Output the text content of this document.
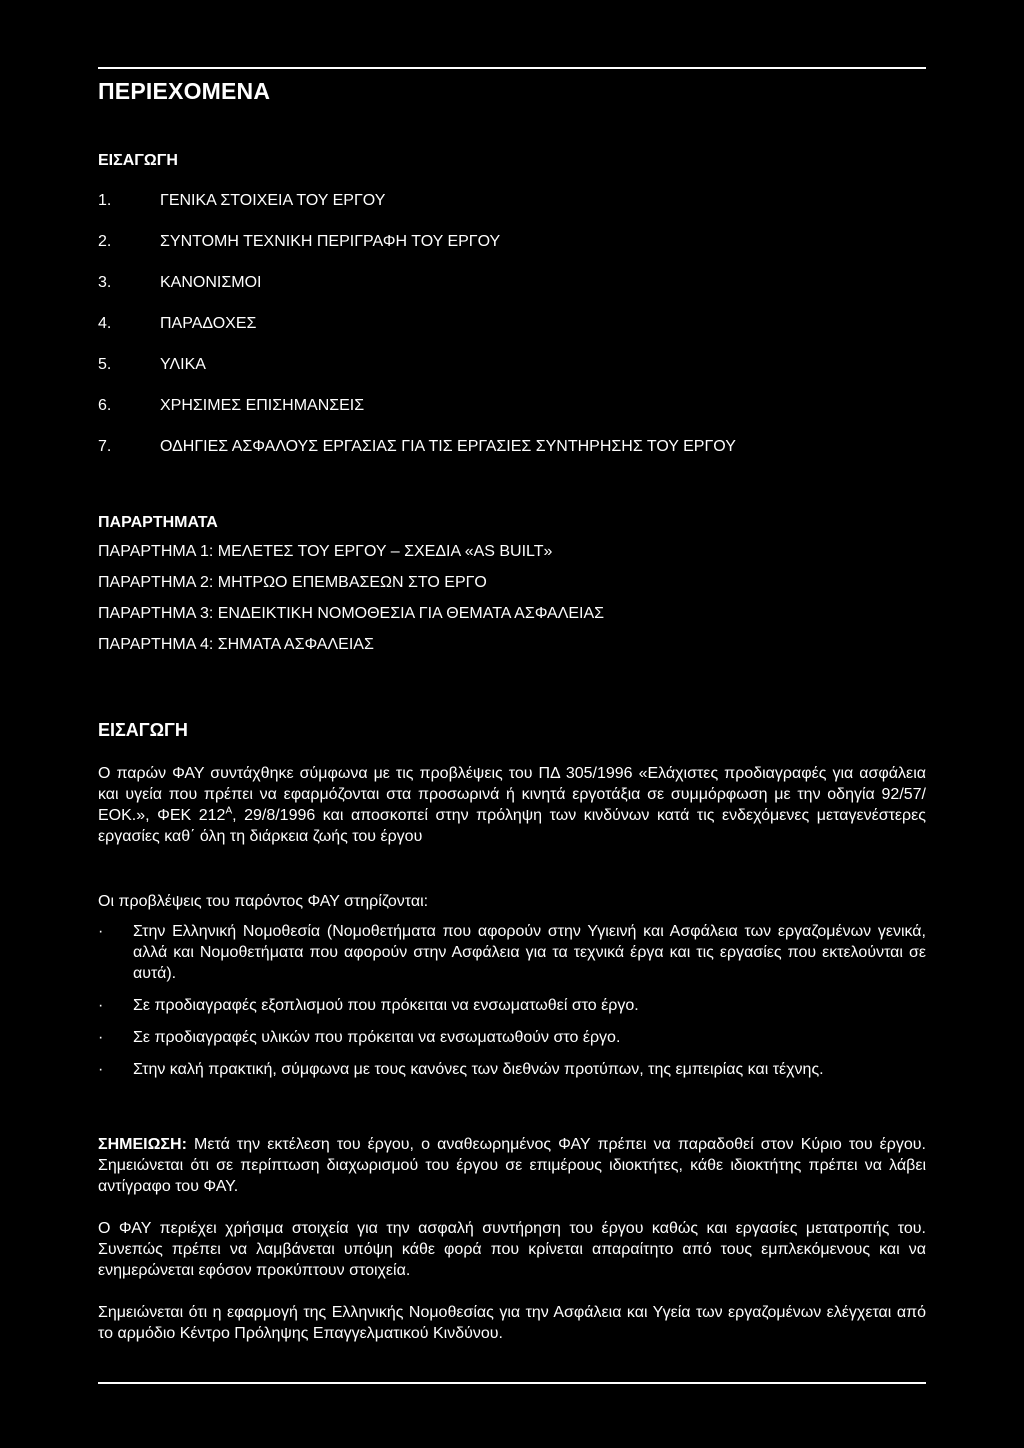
ΠΕΡΙΕΧΟΜΕΝΑ
ΕΙΣΑΓΩΓΗ
1.	ΓΕΝΙΚΑ ΣΤΟΙΧΕΙΑ ΤΟΥ ΕΡΓΟΥ
2.	ΣΥΝΤΟΜΗ ΤΕΧΝΙΚΗ ΠΕΡΙΓΡΑΦΗ ΤΟΥ ΕΡΓΟΥ
3.	ΚΑΝΟΝΙΣΜΟΙ
4.	ΠΑΡΑΔΟΧΕΣ
5.	ΥΛΙΚΑ
6.	ΧΡΗΣΙΜΕΣ ΕΠΙΣΗΜΑΝΣΕΙΣ
7.	ΟΔΗΓΙΕΣ ΑΣΦΑΛΟΥΣ ΕΡΓΑΣΙΑΣ ΓΙΑ ΤΙΣ ΕΡΓΑΣΙΕΣ ΣΥΝΤΗΡΗΣΗΣ ΤΟΥ ΕΡΓΟΥ
ΠΑΡΑΡΤΗΜΑΤΑ
ΠΑΡΑΡΤΗΜΑ 1: ΜΕΛΕΤΕΣ ΤΟΥ ΕΡΓΟΥ – ΣΧΕΔΙΑ «AS BUILT»
ΠΑΡΑΡΤΗΜΑ 2: ΜΗΤΡΩΟ ΕΠΕΜΒΑΣΕΩΝ ΣΤΟ ΕΡΓΟ
ΠΑΡΑΡΤΗΜΑ 3: ΕΝΔΕΙΚΤΙΚΗ ΝΟΜΟΘΕΣΙΑ ΓΙΑ ΘΕΜΑΤΑ ΑΣΦΑΛΕΙΑΣ
ΠΑΡΑΡΤΗΜΑ 4: ΣΗΜΑΤΑ ΑΣΦΑΛΕΙΑΣ
ΕΙΣΑΓΩΓΗ
Ο παρών ΦΑΥ συντάχθηκε σύμφωνα με τις προβλέψεις του ΠΔ 305/1996 «Ελάχιστες προδιαγραφές για ασφάλεια και υγεία που πρέπει να εφαρμόζονται στα προσωρινά ή κινητά εργοτάξια σε συμμόρφωση με την οδηγία 92/57/ΕΟΚ.», ΦΕΚ $212^A$, 29/8/1996 και αποσκοπεί στην πρόληψη των κινδύνων κατά τις ενδεχόμενες μεταγενέστερες εργασίες καθ΄ όλη τη διάρκεια ζωής του έργου
Οι προβλέψεις του παρόντος ΦΑΥ στηρίζονται:
· Στην Ελληνική Νομοθεσία (Νομοθετήματα που αφορούν στην Υγιεινή και Ασφάλεια των εργαζομένων γενικά, αλλά και Νομοθετήματα που αφορούν στην Ασφάλεια για τα τεχνικά έργα και τις εργασίες που εκτελούνται σε αυτά).
· Σε προδιαγραφές εξοπλισμού που πρόκειται να ενσωματωθεί στο έργο.
· Σε προδιαγραφές υλικών που πρόκειται να ενσωματωθούν στο έργο.
· Στην καλή πρακτική, σύμφωνα με τους κανόνες των διεθνών προτύπων, της εμπειρίας και τέχνης.
ΣΗΜΕΙΩΣΗ: Μετά την εκτέλεση του έργου, ο αναθεωρημένος ΦΑΥ πρέπει να παραδοθεί στον Κύριο του έργου. Σημειώνεται ότι σε περίπτωση διαχωρισμού του έργου σε επιμέρους ιδιοκτήτες, κάθε ιδιοκτήτης πρέπει να λάβει αντίγραφο του ΦΑΥ.
Ο ΦΑΥ περιέχει χρήσιμα στοιχεία για την ασφαλή συντήρηση του έργου καθώς και εργασίες μετατροπής του. Συνεπώς πρέπει να λαμβάνεται υπόψη κάθε φορά που κρίνεται απαραίτητο από τους εμπλεκόμενους και να ενημερώνεται εφόσον προκύπτουν στοιχεία.
Σημειώνεται ότι η εφαρμογή της Ελληνικής Νομοθεσίας για την Ασφάλεια και Υγεία των εργαζομένων ελέγχεται από το αρμόδιο Κέντρο Πρόληψης Επαγγελματικού Κινδύνου.
